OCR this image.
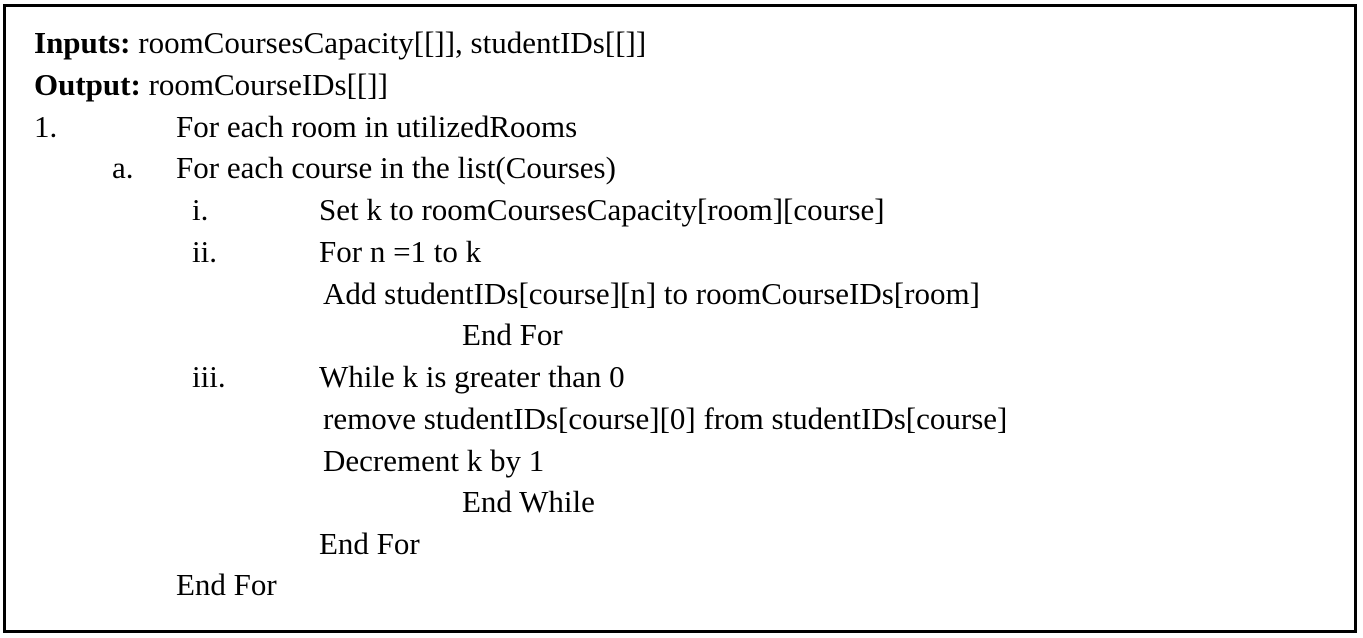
Inputs: roomCoursesCapacity[[]], studentIDs[[]]
Output: roomCourseIDs[[]]
1.	For each room in utilizedRooms
a. For each course in the list(Courses)
i.	Set k to roomCoursesCapacity[room][course]
ii.	For n =1 to k
Add studentIDs[course][n] to roomCourseIDs[room]
End For
iii.	While k is greater than 0
remove studentIDs[course][0] from studentIDs[course]
Decrement k by 1
End While
End For
End For
